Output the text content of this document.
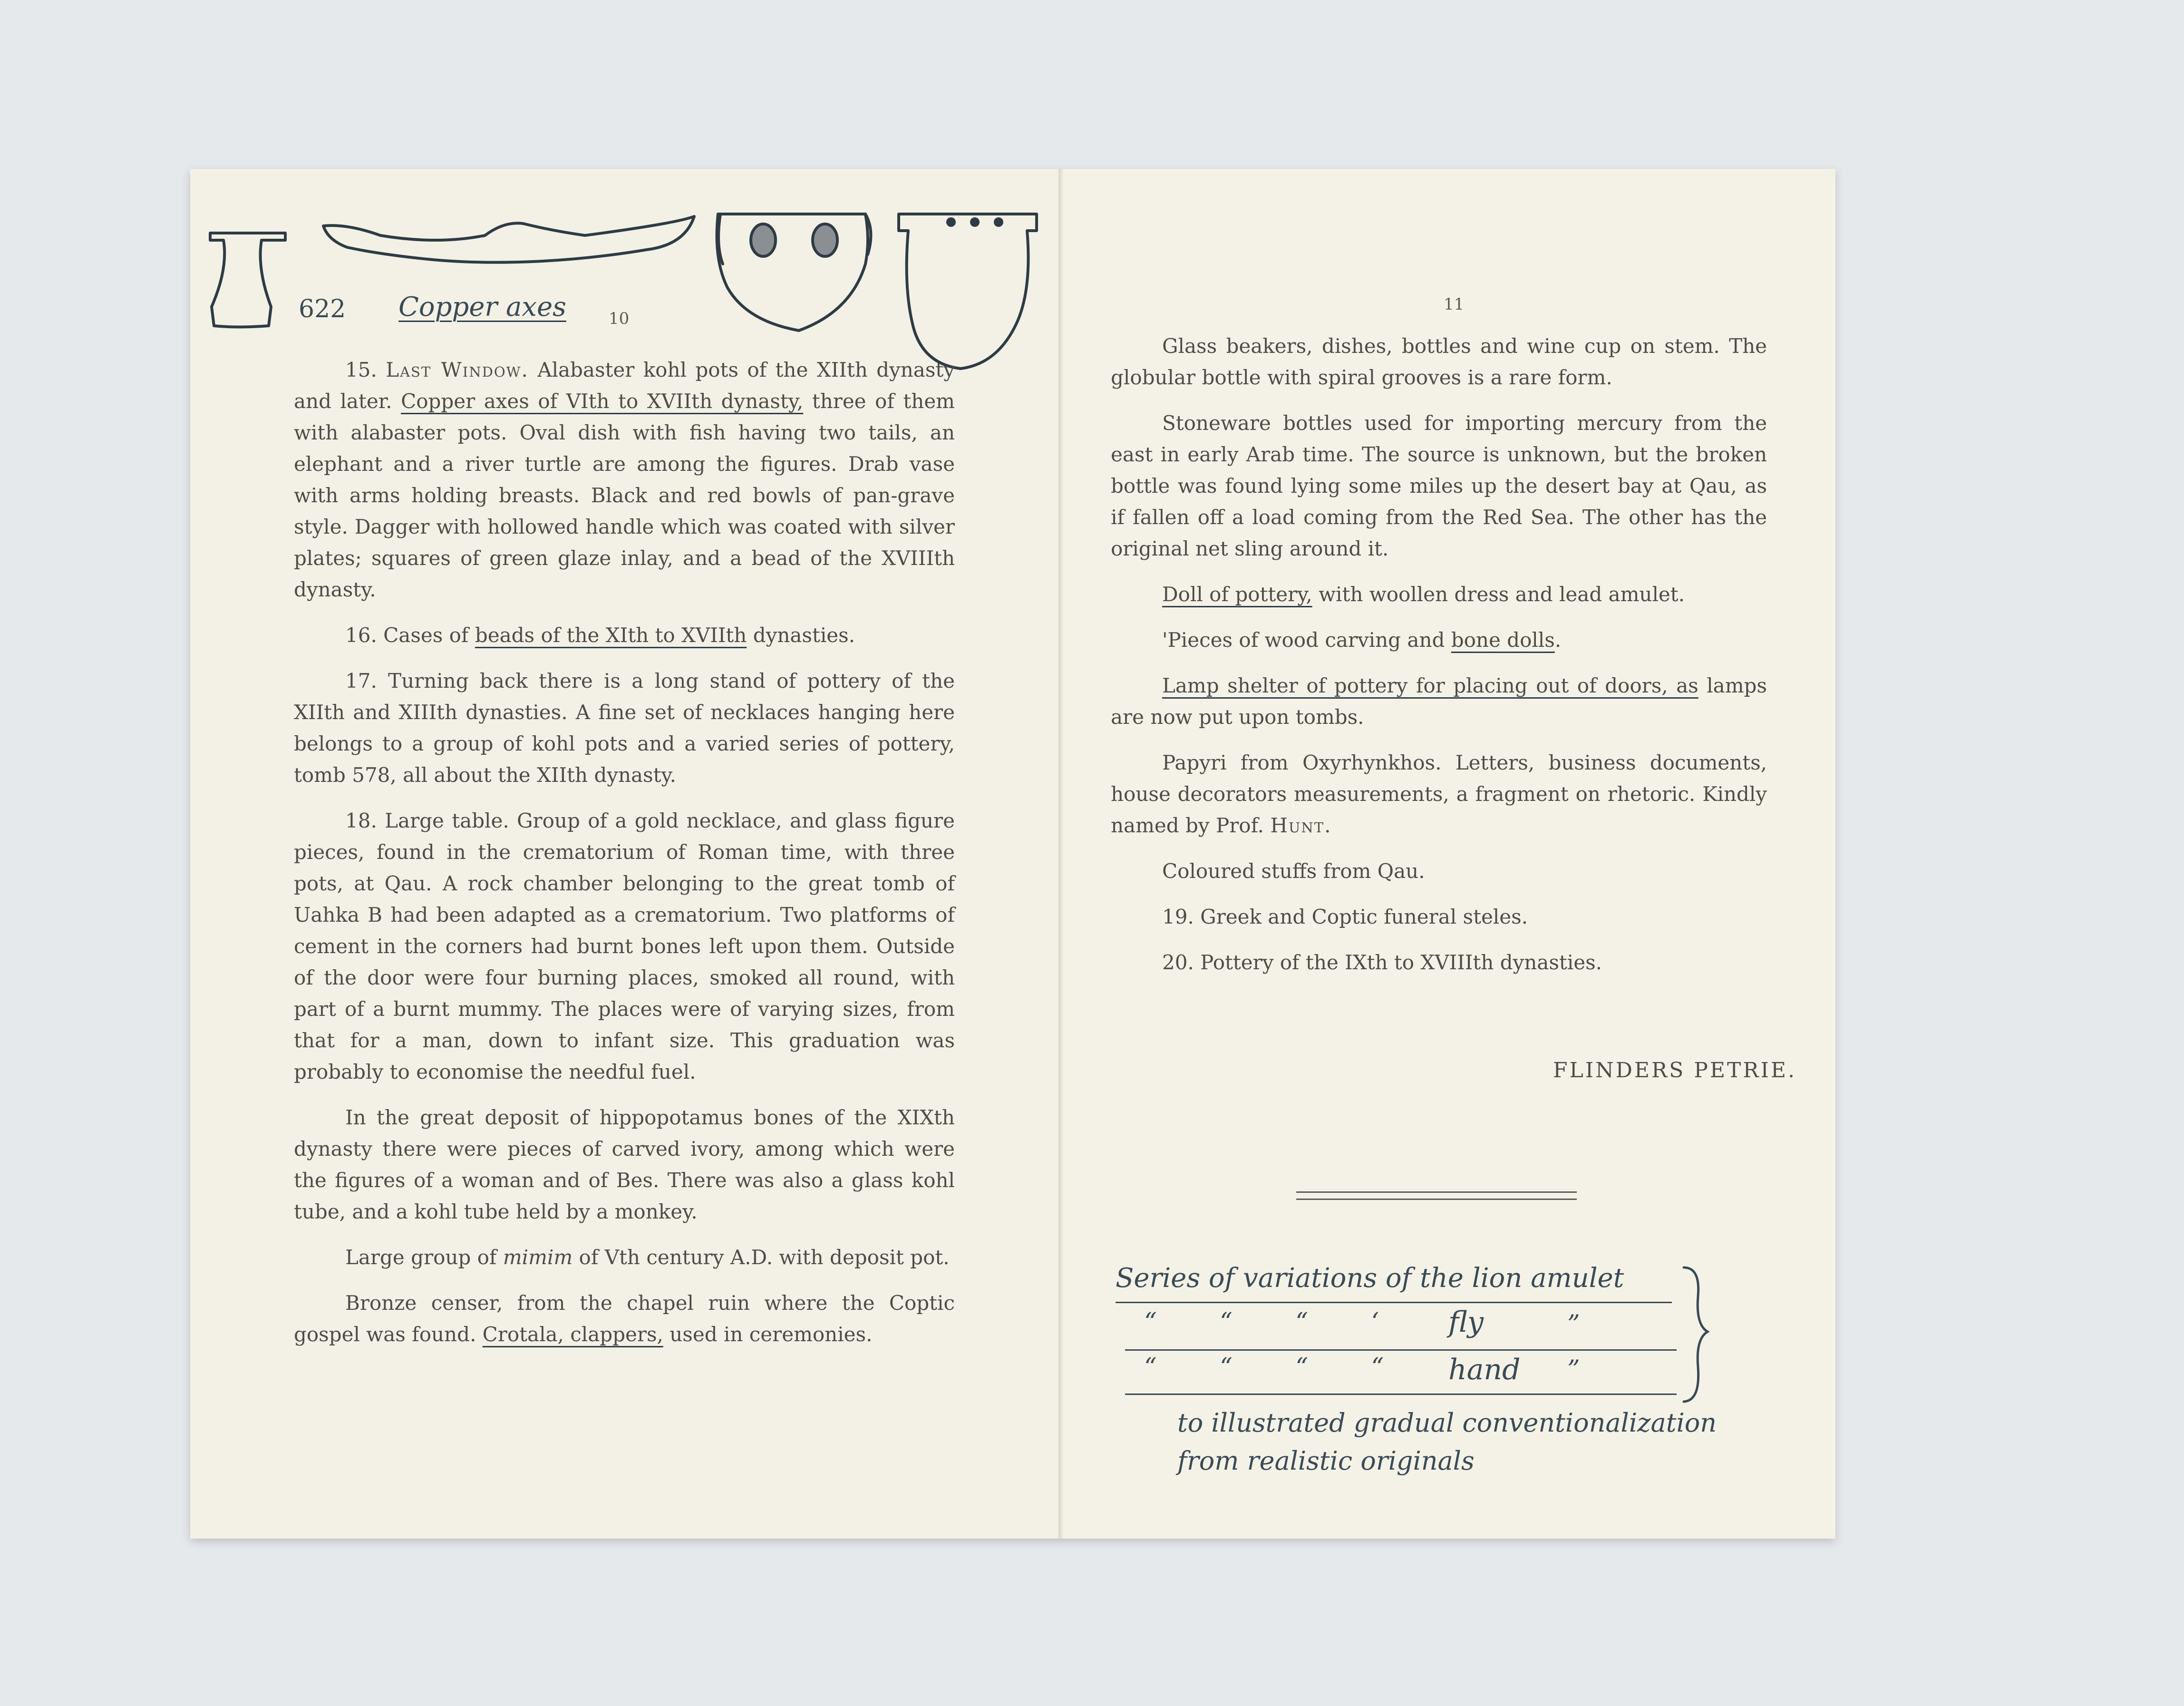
622 Copper axes	10

15. Last Window. Alabaster kohl pots of the XIIth dynasty and later. Copper axes of VIth to XVIIth dynasty, three of them with alabaster pots. Oval dish with fish having two tails, an elephant and a river turtle are among the figures. Drab vase with arms holding breasts. Black and red bowls of pan-grave style. Dagger with hollowed handle which was coated with silver plates; squares of green glaze inlay, and a bead of the XVIIIth dynasty.

16. Cases of beads of the XIth to XVIIth dynasties.

17. Turning back there is a long stand of pottery of the XIIth and XIIIth dynasties. A fine set of necklaces hanging here belongs to a group of kohl pots and a varied series of pottery, tomb 578, all about the XIIth dynasty.

18. Large table. Group of a gold necklace, and glass figure pieces, found in the crematorium of Roman time, with three pots, at Qau. A rock chamber belonging to the great tomb of Uahka B had been adapted as a crematorium. Two platforms of cement in the corners had burnt bones left upon them. Outside of the door were four burning places, smoked all round, with part of a burnt mummy. The places were of varying sizes, from that for a man, down to infant size. This graduation was probably to economise the needful fuel.

In the great deposit of hippopotamus bones of the XIXth dynasty there were pieces of carved ivory, among which were the figures of a woman and of Bes. There was also a glass kohl tube, and a kohl tube held by a monkey.

Large group of mimim of Vth century A.D. with deposit pot.

Bronze censer, from the chapel ruin where the Coptic gospel was found. Crotala, clappers, used in ceremonies.

11

Glass beakers, dishes, bottles and wine cup on stem. The globular bottle with spiral grooves is a rare form.

Stoneware bottles used for importing mercury from the east in early Arab time. The source is unknown, but the broken bottle was found lying some miles up the desert bay at Qau, as if fallen off a load coming from the Red Sea. The other has the original net sling around it.

Doll of pottery, with woollen dress and lead amulet.

'Pieces of wood carving and bone dolls.

Lamp shelter of pottery for placing out of doors, as lamps are now put upon tombs.

Papyri from Oxyrhynkhos. Letters, business documents, house decorators measurements, a fragment on rhetoric. Kindly named by Prof. Hunt.

Coloured stuffs from Qau.

19. Greek and Coptic funeral steles.

20. Pottery of the IXth to XVIIIth dynasties.

FLINDERS PETRIE.
Series of variations of the lion amulet
“ “ “ ‘ fly	”
“ “ “ “ hand ”
to illustrated gradual conventionalization
from realistic originals
